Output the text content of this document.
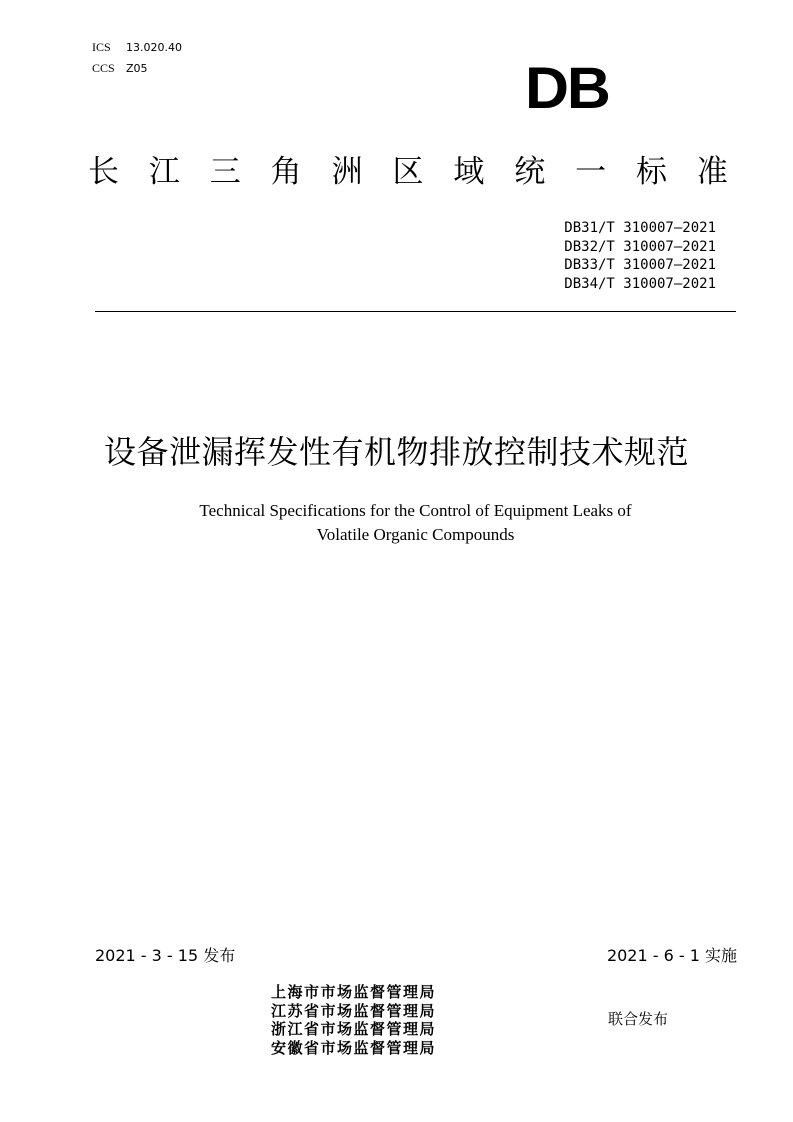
ICS 13.020.40
CCS Z05	DB
长 江 三 角 洲 区 域 统 一 标 准
DB31/T 310007—2021
DB32/T 310007—2021
DB33/T 310007—2021
DB34/T 310007—2021
设备泄漏挥发性有机物排放控制技术规范
Technical Specifications for the Control of Equipment Leaks of
Volatile Organic Compounds
2021 - 3 - 15 发布	2021 - 6 - 1 实施
上海市市场监督管理局
江苏省市场监督管理局
浙江省市场监督管理局
安徽省市场监督管理局
联合发布
